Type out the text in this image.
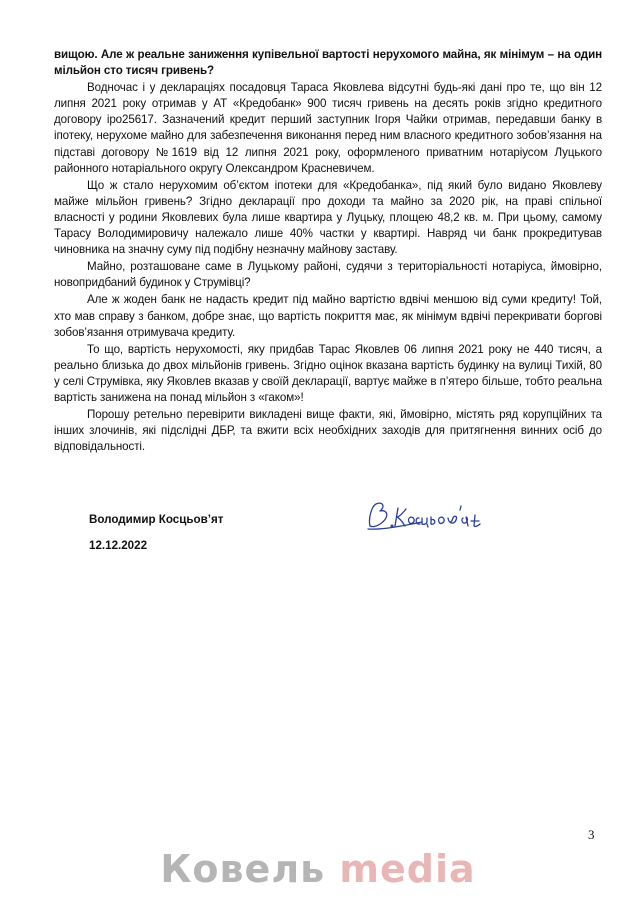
вищою. Але ж реальне заниження купівельної вартості нерухомого майна, як мінімум – на один мільйон сто тисяч гривень?

Водночас і у деклараціях посадовця Тараса Яковлева відсутні будь-які дані про те, що він 12 липня 2021 року отримав у АТ «Кредобанк» 900 тисяч гривень на десять років згідно кредитного договору іро25617. Зазначений кредит перший заступник Ігоря Чайки отримав, передавши банку в іпотеку, нерухоме майно для забезпечення виконання перед ним власного кредитного зобов’язання на підставі договору №1619 від 12 липня 2021 року, оформленого приватним нотаріусом Луцького районного нотаріального округу Олександром Красневичем.

Що ж стало нерухомим об’єктом іпотеки для «Кредобанка», під який було видано Яковлеву майже мільйон гривень? Згідно декларації про доходи та майно за 2020 рік, на праві спільної власності у родини Яковлевих була лише квартира у Луцьку, площею 48,2 кв. м. При цьому, самому Тарасу Володимировичу належало лише 40% частки у квартирі. Навряд чи банк прокредитував чиновника на значну суму під подібну незначну майнову заставу.

Майно, розташоване саме в Луцькому районі, судячи з територіальності нотаріуса, ймовірно, новопридбаний будинок у Струмівці?

Але ж жоден банк не надасть кредит під майно вартістю вдвічі меншою від суми кредиту! Той, хто мав справу з банком, добре знає, що вартість покриття має, як мінімум вдвічі перекривати боргові зобов’язання отримувача кредиту.

То що, вартість нерухомості, яку придбав Тарас Яковлев 06 липня 2021 року не 440 тисяч, а реально близька до двох мільйонів гривень. Згідно оцінок вказана вартість будинку на вулиці Тихій, 80 у селі Струмівка, яку Яковлев вказав у своїй декларації, вартує майже в п’ятеро більше, тобто реальна вартість занижена на понад мільйон з «гаком»!

Порошу ретельно перевірити викладені вище факти, які, ймовірно, містять ряд корупційних та інших злочинів, які підслідні ДБР, та вжити всіх необхідних заходів для притягнення винних осіб до відповідальності.

Володимир Косцьов’ят
12.12.2022
3
Ковель media
